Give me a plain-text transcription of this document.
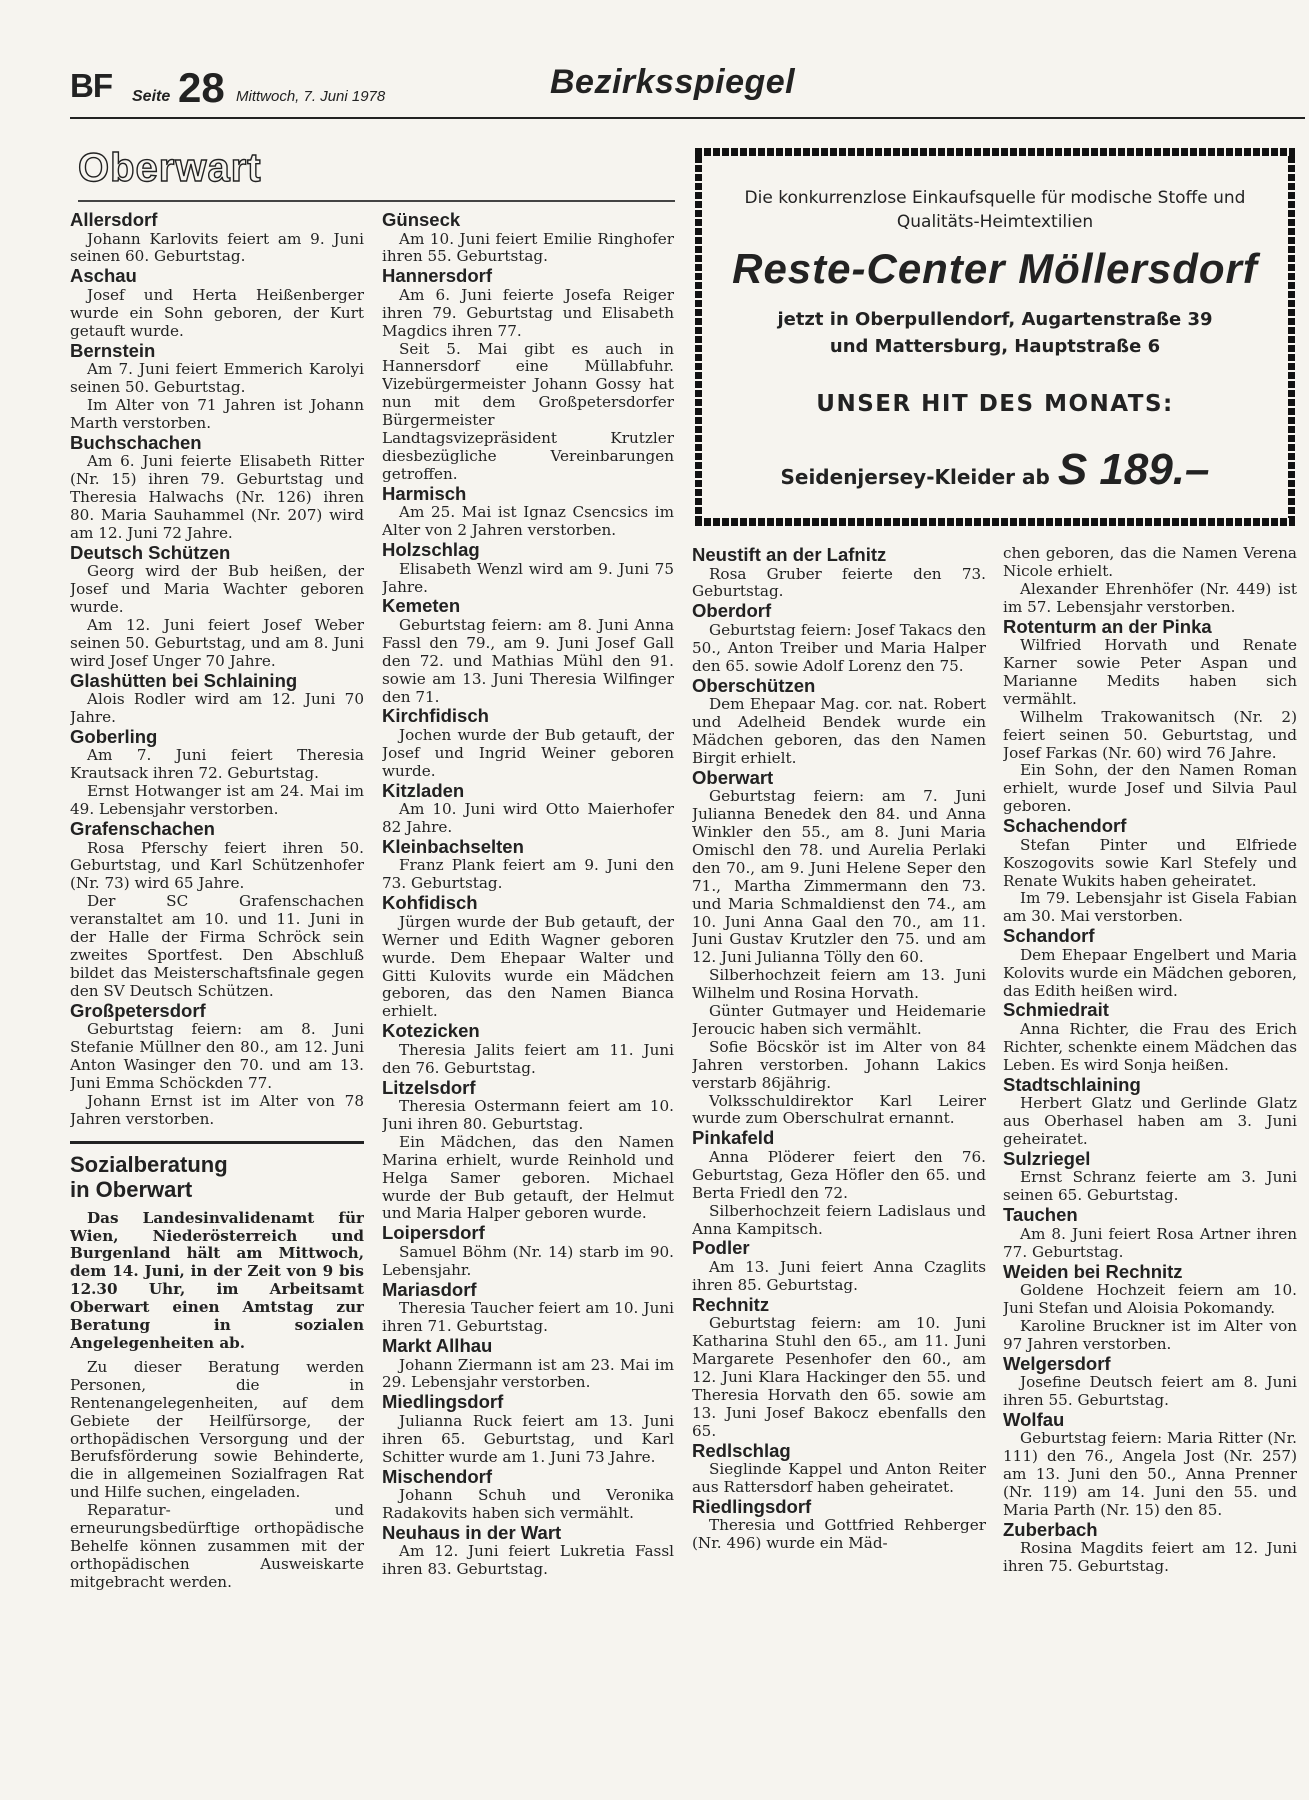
BF Seite 28 Mittwoch, 7. Juni 1978	Bezirksspiegel
Oberwart
Allersdorf

Johann Karlovits feiert am 9. Juni seinen 60. Geburtstag.

Aschau

Josef und Herta Heißenberger wurde ein Sohn geboren, der Kurt getauft wurde.

Bernstein

Am 7. Juni feiert Emmerich Karolyi seinen 50. Geburtstag.

Im Alter von 71 Jahren ist Johann Marth verstorben.

Buchschachen

Am 6. Juni feierte Elisabeth Ritter (Nr. 15) ihren 79. Geburtstag und Theresia Halwachs (Nr. 126) ihren 80. Maria Sauhammel (Nr. 207) wird am 12. Juni 72 Jahre.

Deutsch Schützen

Georg wird der Bub heißen, der Josef und Maria Wachter geboren wurde.

Am 12. Juni feiert Josef Weber seinen 50. Geburtstag, und am 8. Juni wird Josef Unger 70 Jahre.

Glashütten bei Schlaining

Alois Rodler wird am 12. Juni 70 Jahre.

Goberling

Am 7. Juni feiert Theresia Krautsack ihren 72. Geburtstag.

Ernst Hotwanger ist am 24. Mai im 49. Lebensjahr verstorben.

Grafenschachen

Rosa Pferschy feiert ihren 50. Geburtstag, und Karl Schützenhofer (Nr. 73) wird 65 Jahre.

Der SC Grafenschachen veranstaltet am 10. und 11. Juni in der Halle der Firma Schröck sein zweites Sportfest. Den Abschluß bildet das Meisterschaftsfinale gegen den SV Deutsch Schützen.

Großpetersdorf

Geburtstag feiern: am 8. Juni Stefanie Müllner den 80., am 12. Juni Anton Wasinger den 70. und am 13. Juni Emma Schöckden 77.

Johann Ernst ist im Alter von 78 Jahren verstorben.

Sozialberatung
in Oberwart

Das Landesinvalidenamt für Wien, Niederösterreich und Burgenland hält am Mittwoch, dem 14. Juni, in der Zeit von 9 bis 12.30 Uhr, im Arbeitsamt Oberwart einen Amtstag zur Beratung in sozialen Angelegenheiten ab.

Zu dieser Beratung werden Personen, die in Rentenangelegenheiten, auf dem Gebiete der Heilfürsorge, der orthopädischen Versorgung und der Berufsförderung sowie Behinderte, die in allgemeinen Sozialfragen Rat und Hilfe suchen, eingeladen.

Reparatur- und erneurungsbedürftige orthopädische Behelfe können zusammen mit der orthopädischen Ausweiskarte mitgebracht werden.

Günseck

Am 10. Juni feiert Emilie Ringhofer ihren 55. Geburtstag.

Hannersdorf

Am 6. Juni feierte Josefa Reiger ihren 79. Geburtstag und Elisabeth Magdics ihren 77.

Seit 5. Mai gibt es auch in Hannersdorf eine Müllabfuhr. Vizebürgermeister Johann Gossy hat nun mit dem Großpetersdorfer Bürgermeister Landtagsvizepräsident Krutzler diesbezügliche Vereinbarungen getroffen.

Harmisch

Am 25. Mai ist Ignaz Csencsics im Alter von 2 Jahren verstorben.

Holzschlag

Elisabeth Wenzl wird am 9. Juni 75 Jahre.

Kemeten

Geburtstag feiern: am 8. Juni Anna Fassl den 79., am 9. Juni Josef Gall den 72. und Mathias Mühl den 91. sowie am 13. Juni Theresia Wilfinger den 71.

Kirchfidisch

Jochen wurde der Bub getauft, der Josef und Ingrid Weiner geboren wurde.

Kitzladen

Am 10. Juni wird Otto Maierhofer 82 Jahre.

Kleinbachselten

Franz Plank feiert am 9. Juni den 73. Geburtstag.

Kohfidisch

Jürgen wurde der Bub getauft, der Werner und Edith Wagner geboren wurde. Dem Ehepaar Walter und Gitti Kulovits wurde ein Mädchen geboren, das den Namen Bianca erhielt.

Kotezicken

Theresia Jalits feiert am 11. Juni den 76. Geburtstag.

Litzelsdorf

Theresia Ostermann feiert am 10. Juni ihren 80. Geburtstag.

Ein Mädchen, das den Namen Marina erhielt, wurde Reinhold und Helga Samer geboren. Michael wurde der Bub getauft, der Helmut und Maria Halper geboren wurde.

Loipersdorf

Samuel Böhm (Nr. 14) starb im 90. Lebensjahr.

Mariasdorf

Theresia Taucher feiert am 10. Juni ihren 71. Geburtstag.

Markt Allhau

Johann Ziermann ist am 23. Mai im 29. Lebensjahr verstorben.

Miedlingsdorf

Julianna Ruck feiert am 13. Juni ihren 65. Geburtstag, und Karl Schitter wurde am 1. Juni 73 Jahre.

Mischendorf

Johann Schuh und Veronika Radakovits haben sich vermählt.

Neuhaus in der Wart

Am 12. Juni feiert Lukretia Fassl ihren 83. Geburtstag.

Die konkurrenzlose Einkaufsquelle für modische Stoffe und Qualitäts-Heimtextilien
Reste-Center Möllersdorf
jetzt in Oberpullendorf, Augartenstraße 39
und Mattersburg, Hauptstraße 6
UNSER HIT DES MONATS:
Seidenjersey-Kleider ab S 189.–
Neustift an der Lafnitz

Rosa Gruber feierte den 73. Geburtstag.

Oberdorf

Geburtstag feiern: Josef Takacs den 50., Anton Treiber und Maria Halper den 65. sowie Adolf Lorenz den 75.

Oberschützen

Dem Ehepaar Mag. cor. nat. Robert und Adelheid Bendek wurde ein Mädchen geboren, das den Namen Birgit erhielt.

Oberwart

Geburtstag feiern: am 7. Juni Julianna Benedek den 84. und Anna Winkler den 55., am 8. Juni Maria Omischl den 78. und Aurelia Perlaki den 70., am 9. Juni Helene Seper den 71., Martha Zimmermann den 73. und Maria Schmaldienst den 74., am 10. Juni Anna Gaal den 70., am 11. Juni Gustav Krutzler den 75. und am 12. Juni Julianna Tölly den 60.

Silberhochzeit feiern am 13. Juni Wilhelm und Rosina Horvath.

Günter Gutmayer und Heidemarie Jeroucic haben sich vermählt.

Sofie Böcskör ist im Alter von 84 Jahren verstorben. Johann Lakics verstarb 86jährig.

Volksschuldirektor Karl Leirer wurde zum Oberschulrat ernannt.

Pinkafeld

Anna Plöderer feiert den 76. Geburtstag, Geza Höfler den 65. und Berta Friedl den 72.

Silberhochzeit feiern Ladislaus und Anna Kampitsch.

Podler

Am 13. Juni feiert Anna Czaglits ihren 85. Geburtstag.

Rechnitz

Geburtstag feiern: am 10. Juni Katharina Stuhl den 65., am 11. Juni Margarete Pesenhofer den 60., am 12. Juni Klara Hackinger den 55. und Theresia Horvath den 65. sowie am 13. Juni Josef Bakocz ebenfalls den 65.

Redlschlag

Sieglinde Kappel und Anton Reiter aus Rattersdorf haben geheiratet.

Riedlingsdorf

Theresia und Gottfried Rehberger (Nr. 496) wurde ein Mäd-

chen geboren, das die Namen Verena Nicole erhielt.

Alexander Ehrenhöfer (Nr. 449) ist im 57. Lebensjahr verstorben.

Rotenturm an der Pinka

Wilfried Horvath und Renate Karner sowie Peter Aspan und Marianne Medits haben sich vermählt.

Wilhelm Trakowanitsch (Nr. 2) feiert seinen 50. Geburtstag, und Josef Farkas (Nr. 60) wird 76 Jahre.

Ein Sohn, der den Namen Roman erhielt, wurde Josef und Silvia Paul geboren.

Schachendorf

Stefan Pinter und Elfriede Koszogovits sowie Karl Stefely und Renate Wukits haben geheiratet.

Im 79. Lebensjahr ist Gisela Fabian am 30. Mai verstorben.

Schandorf

Dem Ehepaar Engelbert und Maria Kolovits wurde ein Mädchen geboren, das Edith heißen wird.

Schmiedrait

Anna Richter, die Frau des Erich Richter, schenkte einem Mädchen das Leben. Es wird Sonja heißen.

Stadtschlaining

Herbert Glatz und Gerlinde Glatz aus Oberhasel haben am 3. Juni geheiratet.

Sulzriegel

Ernst Schranz feierte am 3. Juni seinen 65. Geburtstag.

Tauchen

Am 8. Juni feiert Rosa Artner ihren 77. Geburtstag.

Weiden bei Rechnitz

Goldene Hochzeit feiern am 10. Juni Stefan und Aloisia Pokomandy.

Karoline Bruckner ist im Alter von 97 Jahren verstorben.

Welgersdorf

Josefine Deutsch feiert am 8. Juni ihren 55. Geburtstag.

Wolfau

Geburtstag feiern: Maria Ritter (Nr. 111) den 76., Angela Jost (Nr. 257) am 13. Juni den 50., Anna Prenner (Nr. 119) am 14. Juni den 55. und Maria Parth (Nr. 15) den 85.

Zuberbach

Rosina Magdits feiert am 12. Juni ihren 75. Geburtstag.
